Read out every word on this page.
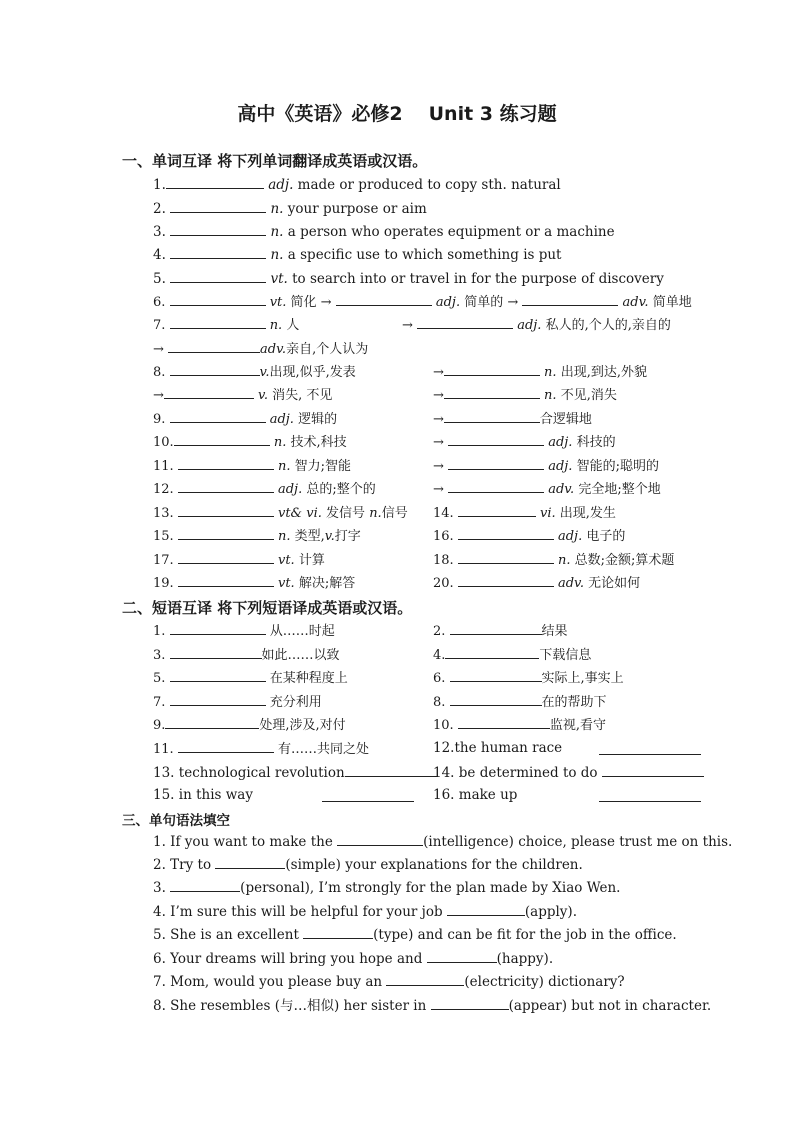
高中《英语》必修2 Unit 3 练习题
一、单词互译 将下列单词翻译成英语或汉语。
1.	adj. made or produced to copy sth. natural
2.	n. your purpose or aim
3.	n. a person who operates equipment or a machine
4.	n. a specific use to which something is put
5.	vt. to search into or travel in for the purpose of discovery
6.	vt. 简化 →	adj. 简单的 →	adv. 简单地
7.	n. 人	→	adj. 私人的,个人的,亲自的
→	adv.亲自,个人认为
8.	v.出现,似乎,发表	→	n. 出现,到达,外貌
→	v. 消失, 不见	→	n. 不见,消失
9.	adj. 逻辑的	→	合逻辑地
10.	n. 技术,科技	→	adj. 科技的
11.	n. 智力;智能	→	adj. 智能的;聪明的
12.	adj. 总的;整个的	→	adv. 完全地;整个地
13.	vt& vi. 发信号 n.信号 14.	vi. 出现,发生
15.	n. 类型,v.打字	16.	adj. 电子的
17.	vt. 计算	18.	n. 总数;金额;算术题
19.	vt. 解决;解答	20.	adv. 无论如何
二、短语互译 将下列短语译成英语或汉语。
1.	从……时起	2.	结果
3.	如此……以致	4.	下载信息
5.	在某种程度上	6.	实际上,事实上
7.	充分利用	8.	在的帮助下
9.	处理,涉及,对付	10.	监视,看守
11.	有……共同之处	12.the human race
13. technological revolution	14. be determined to do
15. in this way	16. make up
三、单句语法填空
1. If you want to make the	(intelligence) choice, please trust me on this.
2. Try to	(simple) your explanations for the children.
3.	(personal), I’m strongly for the plan made by Xiao Wen.
4. I’m sure this will be helpful for your job	(apply).
5. She is an excellent	(type) and can be fit for the job in the office.
6. Your dreams will bring you hope and	(happy).
7. Mom, would you please buy an	(electricity) dictionary?
8. She resembles (与…相似) her sister in	(appear) but not in character.
